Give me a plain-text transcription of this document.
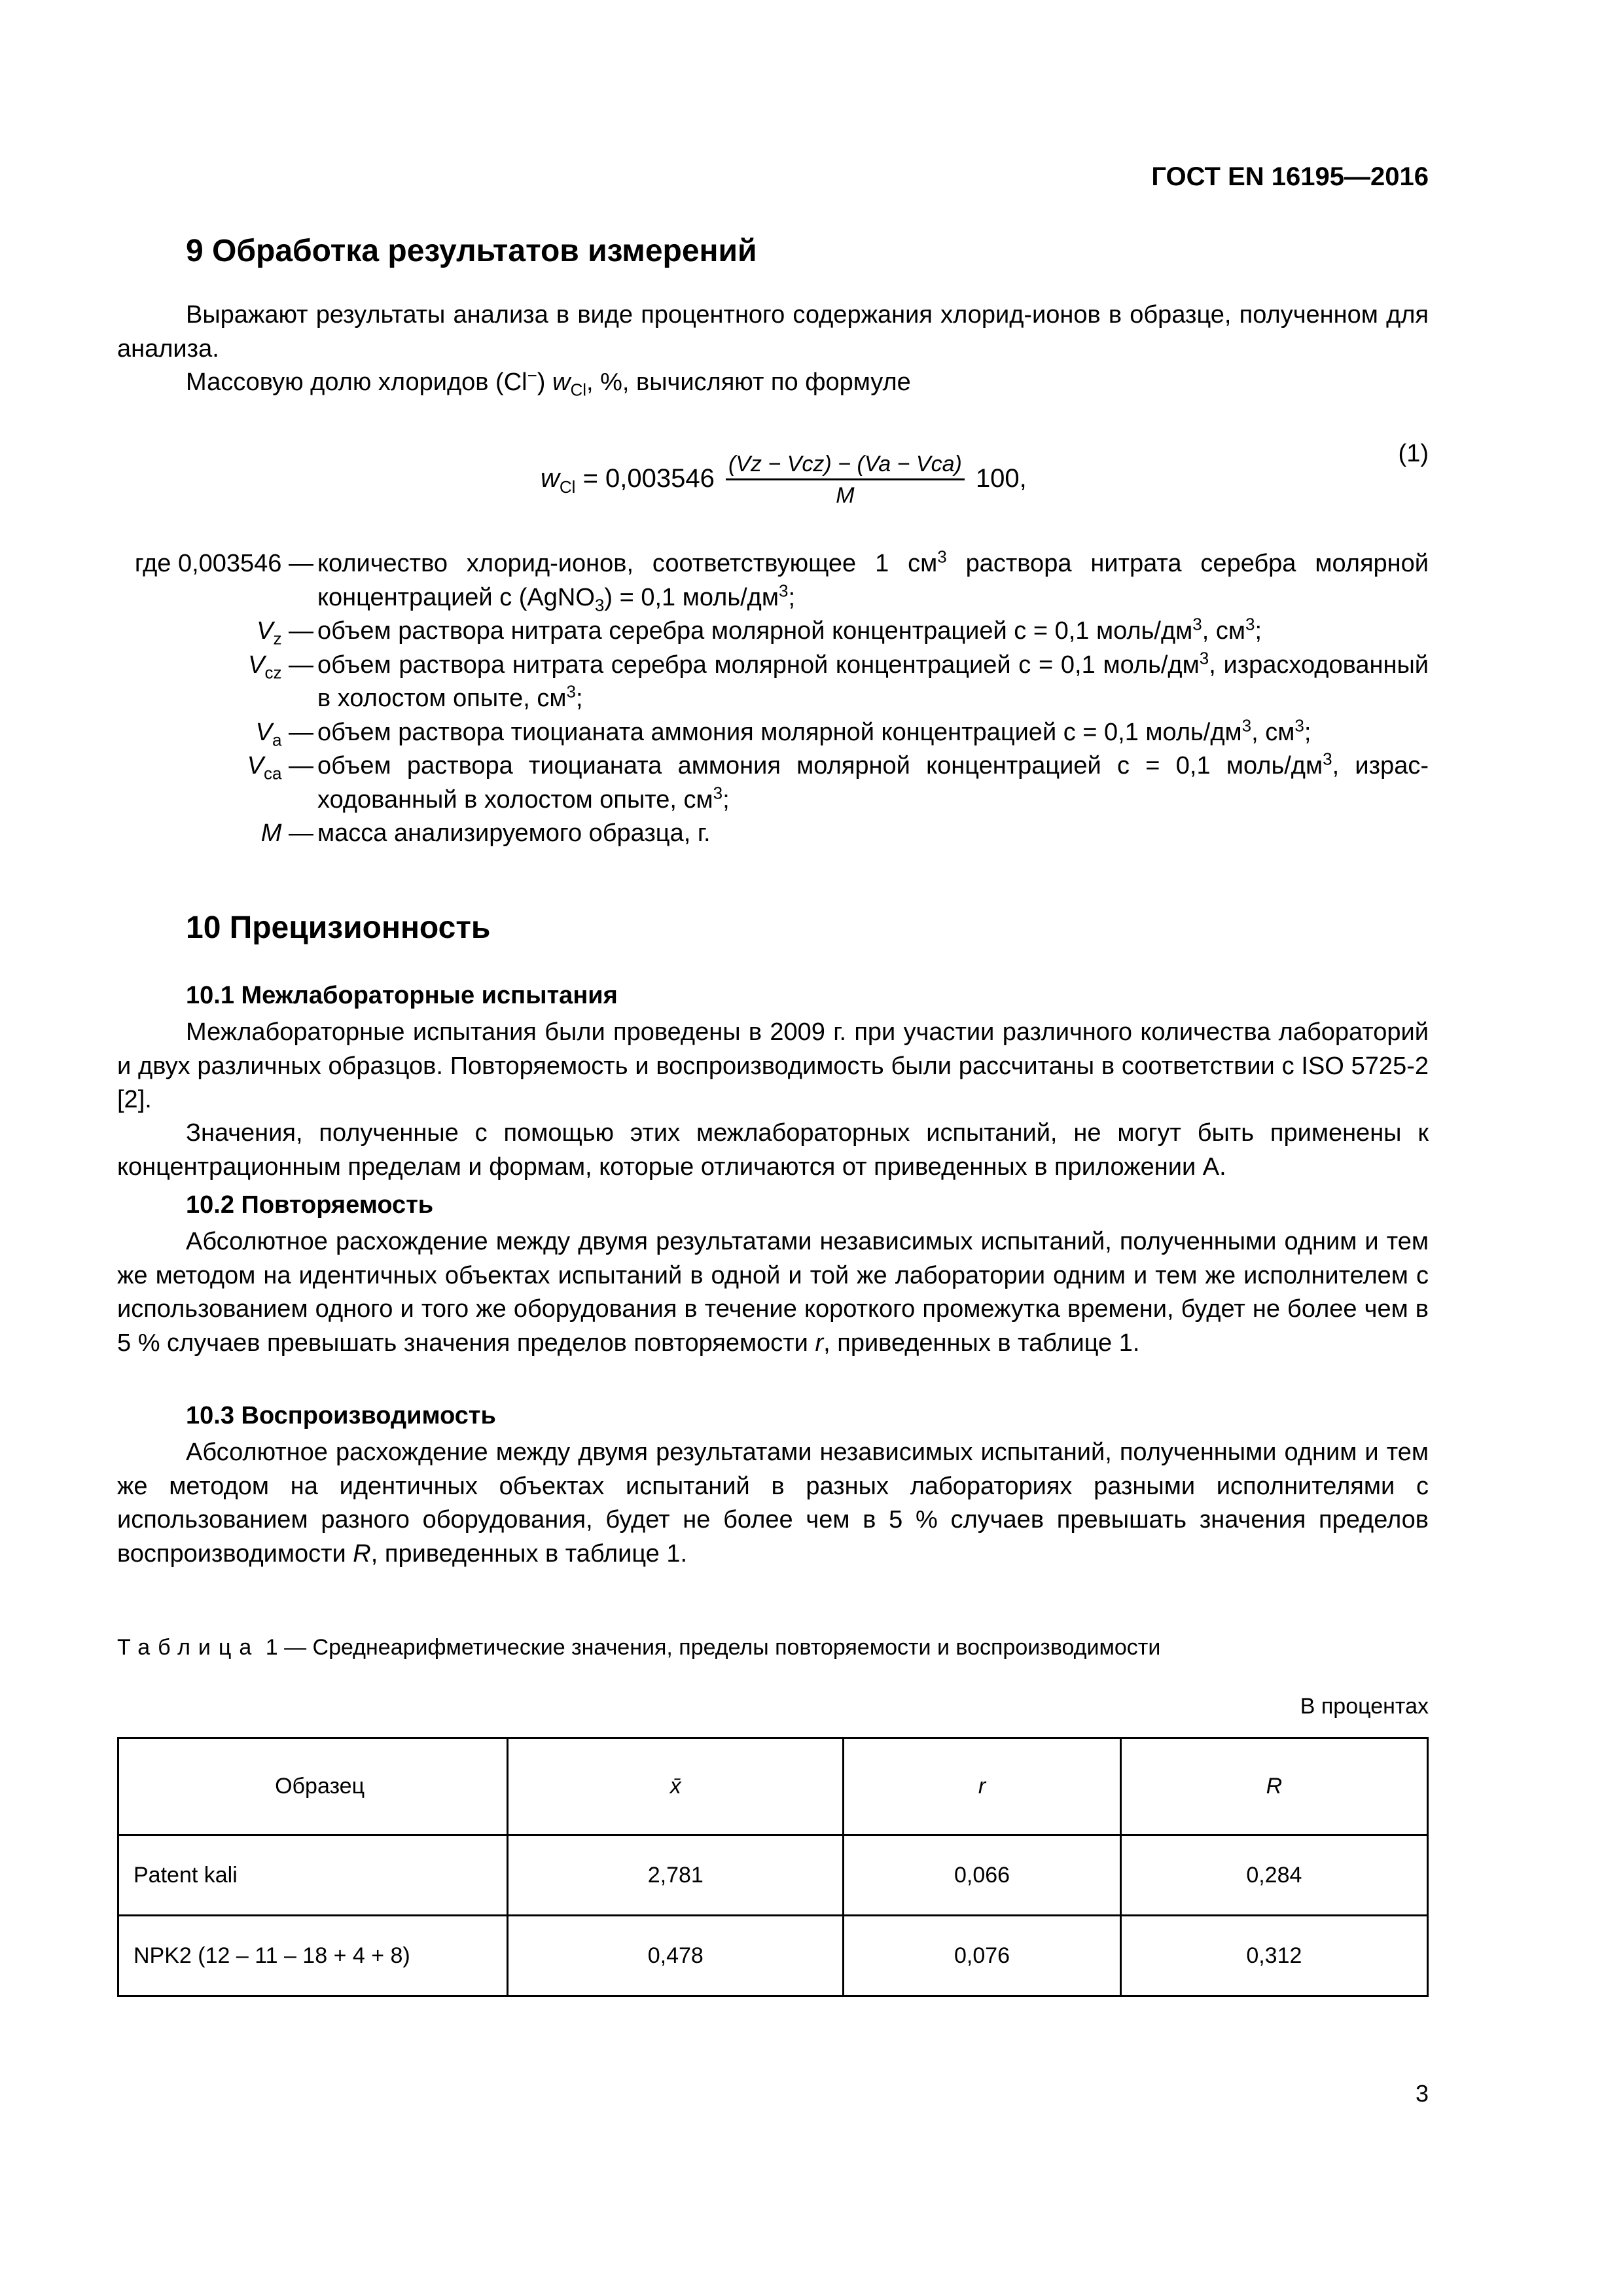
ГОСТ EN 16195—2016
9 Обработка результатов измерений

Выражают результаты анализа в виде процентного содержания хлорид-ионов в образце, полученном для анализа.

Массовую долю хлоридов (Cl−) $w_{Cl}$, %, вычисляют по формуле

$w_{Cl} = 0,003546 \frac{\text{(Vz − Vcz) − (Va − Vca)}}{M} 100$,
(1)
где 0,003546 — количество хлорид-ионов, соответствующее 1 $см^3$ раствора нитрата серебра молярной концентрацией c (AgNO$_3$) = 0,1 моль/$дм^3$;
$V_z$ — объем раствора нитрата серебра молярной концентрацией c = 0,1 моль/$дм^3$, $см^3$;
$V_{cz}$ — объем раствора нитрата серебра молярной концентрацией c = 0,1 моль/$дм^3$, израсходованный в холостом опыте, $см^3$;
$V_a$ — объем раствора тиоцианата аммония молярной концентрацией c = 0,1 моль/$дм^3$, $см^3$;
$V_{ca}$ — объем раствора тиоцианата аммония молярной концентрацией c = 0,1 моль/$дм^3$, израсходованный в холостом опыте, $см^3$;
M — масса анализируемого образца, г.
10 Прецизионность
10.1 Межлабораторные испытания

Межлабораторные испытания были проведены в 2009 г. при участии различного количества лабораторий и двух различных образцов. Повторяемость и воспроизводимость были рассчитаны в соответствии с ISO 5725-2 [2].

Значения, полученные с помощью этих межлабораторных испытаний, не могут быть применены к концентрационным пределам и формам, которые отличаются от приведенных в приложении А.

10.2 Повторяемость

Абсолютное расхождение между двумя результатами независимых испытаний, полученными одним и тем же методом на идентичных объектах испытаний в одной и той же лаборатории одним и тем же исполнителем с использованием одного и того же оборудования в течение короткого промежутка времени, будет не более чем в 5 % случаев превышать значения пределов повторяемости r, приведенных в таблице 1.

10.3 Воспроизводимость

Абсолютное расхождение между двумя результатами независимых испытаний, полученными одним и тем же методом на идентичных объектах испытаний в разных лабораториях разными исполнителями с использованием разного оборудования, будет не более чем в 5 % случаев превышать значения пределов воспроизводимости R, приведенных в таблице 1.

Таблица 1 — Среднеарифметические значения, пределы повторяемости и воспроизводимости
В процентах
Образец	x̄	r	R
Patent kali	2,781	0,066	0,284
NPK2 (12 – 11 – 18 + 4 + 8)	0,478	0,076	0,312
3
